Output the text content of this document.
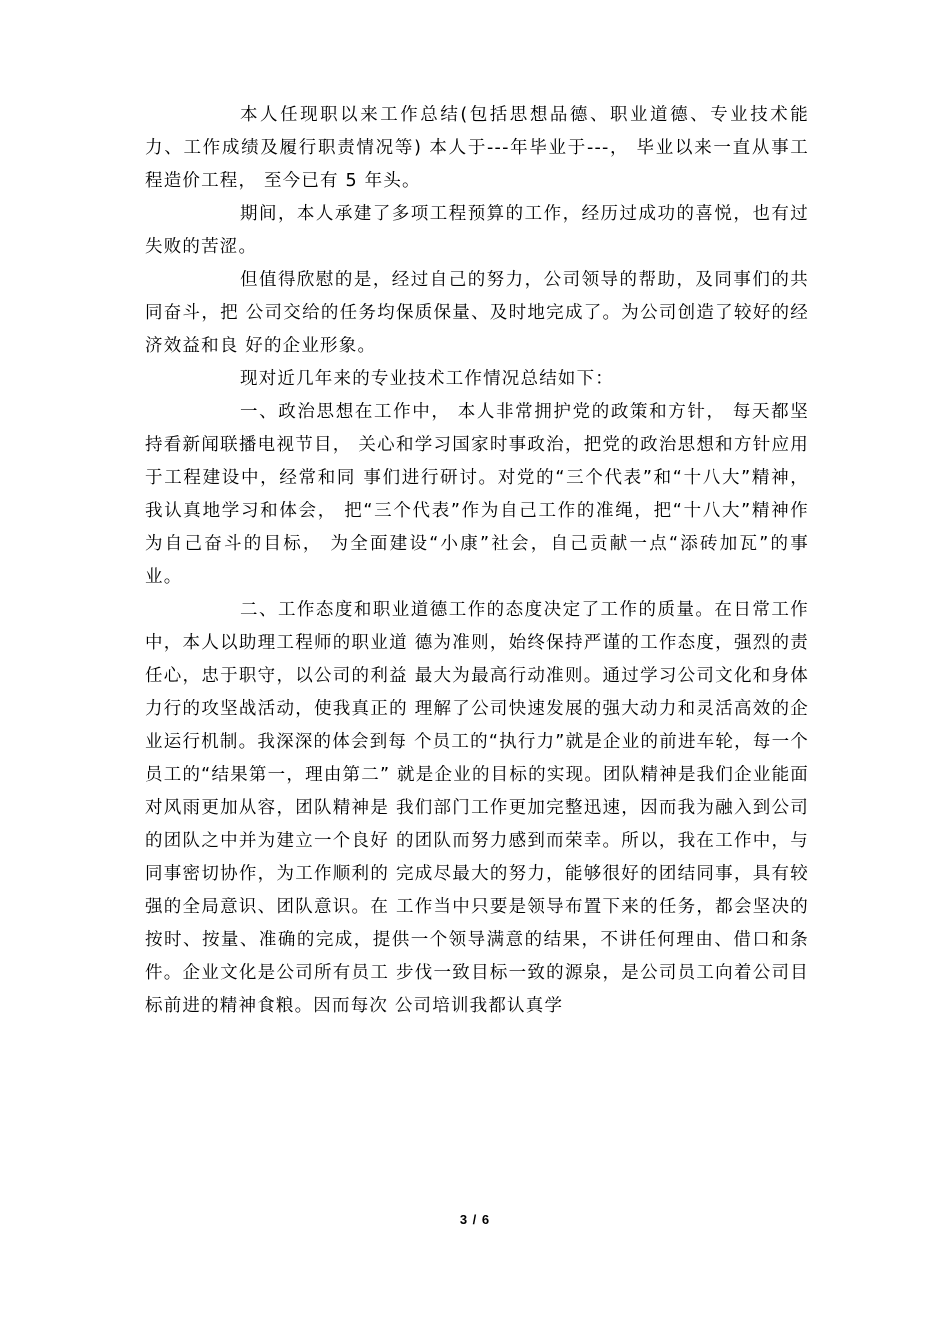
本人任现职以来工作总结(包括思想品德、职业道德、专业技术能力、工作成绩及履行职责情况等) 本人于---年毕业于---， 毕业以来一直从事工程造价工程， 至今已有 5 年头。

期间，本人承建了多项工程预算的工作，经历过成功的喜悦，也有过失败的苦涩。

但值得欣慰的是，经过自己的努力，公司领导的帮助，及同事们的共同奋斗，把 公司交给的任务均保质保量、及时地完成了。为公司创造了较好的经济效益和良 好的企业形象。

现对近几年来的专业技术工作情况总结如下：

一、政治思想在工作中， 本人非常拥护党的政策和方针， 每天都坚持看新闻联播电视节目， 关心和学习国家时事政治，把党的政治思想和方针应用于工程建设中，经常和同 事们进行研讨。对党的“三个代表”和“十八大”精神，我认真地学习和体会， 把“三个代表”作为自己工作的准绳，把“十八大”精神作为自己奋斗的目标， 为全面建设“小康”社会，自己贡献一点“添砖加瓦”的事业。

二、工作态度和职业道德工作的态度决定了工作的质量。在日常工作中，本人以助理工程师的职业道 德为准则，始终保持严谨的工作态度，强烈的责任心，忠于职守，以公司的利益 最大为最高行动准则。通过学习公司文化和身体力行的攻坚战活动，使我真正的 理解了公司快速发展的强大动力和灵活高效的企业运行机制。我深深的体会到每 个员工的“执行力”就是企业的前进车轮，每一个员工的“结果第一，理由第二” 就是企业的目标的实现。团队精神是我们企业能面对风雨更加从容，团队精神是 我们部门工作更加完整迅速，因而我为融入到公司的团队之中并为建立一个良好 的团队而努力感到而荣幸。所以，我在工作中，与同事密切协作，为工作顺利的 完成尽最大的努力，能够很好的团结同事，具有较强的全局意识、团队意识。在 工作当中只要是领导布置下来的任务，都会坚决的按时、按量、准确的完成，提供一个领导满意的结果，不讲任何理由、借口和条件。企业文化是公司所有员工 步伐一致目标一致的源泉，是公司员工向着公司目标前进的精神食粮。因而每次 公司培训我都认真学

3 / 6
